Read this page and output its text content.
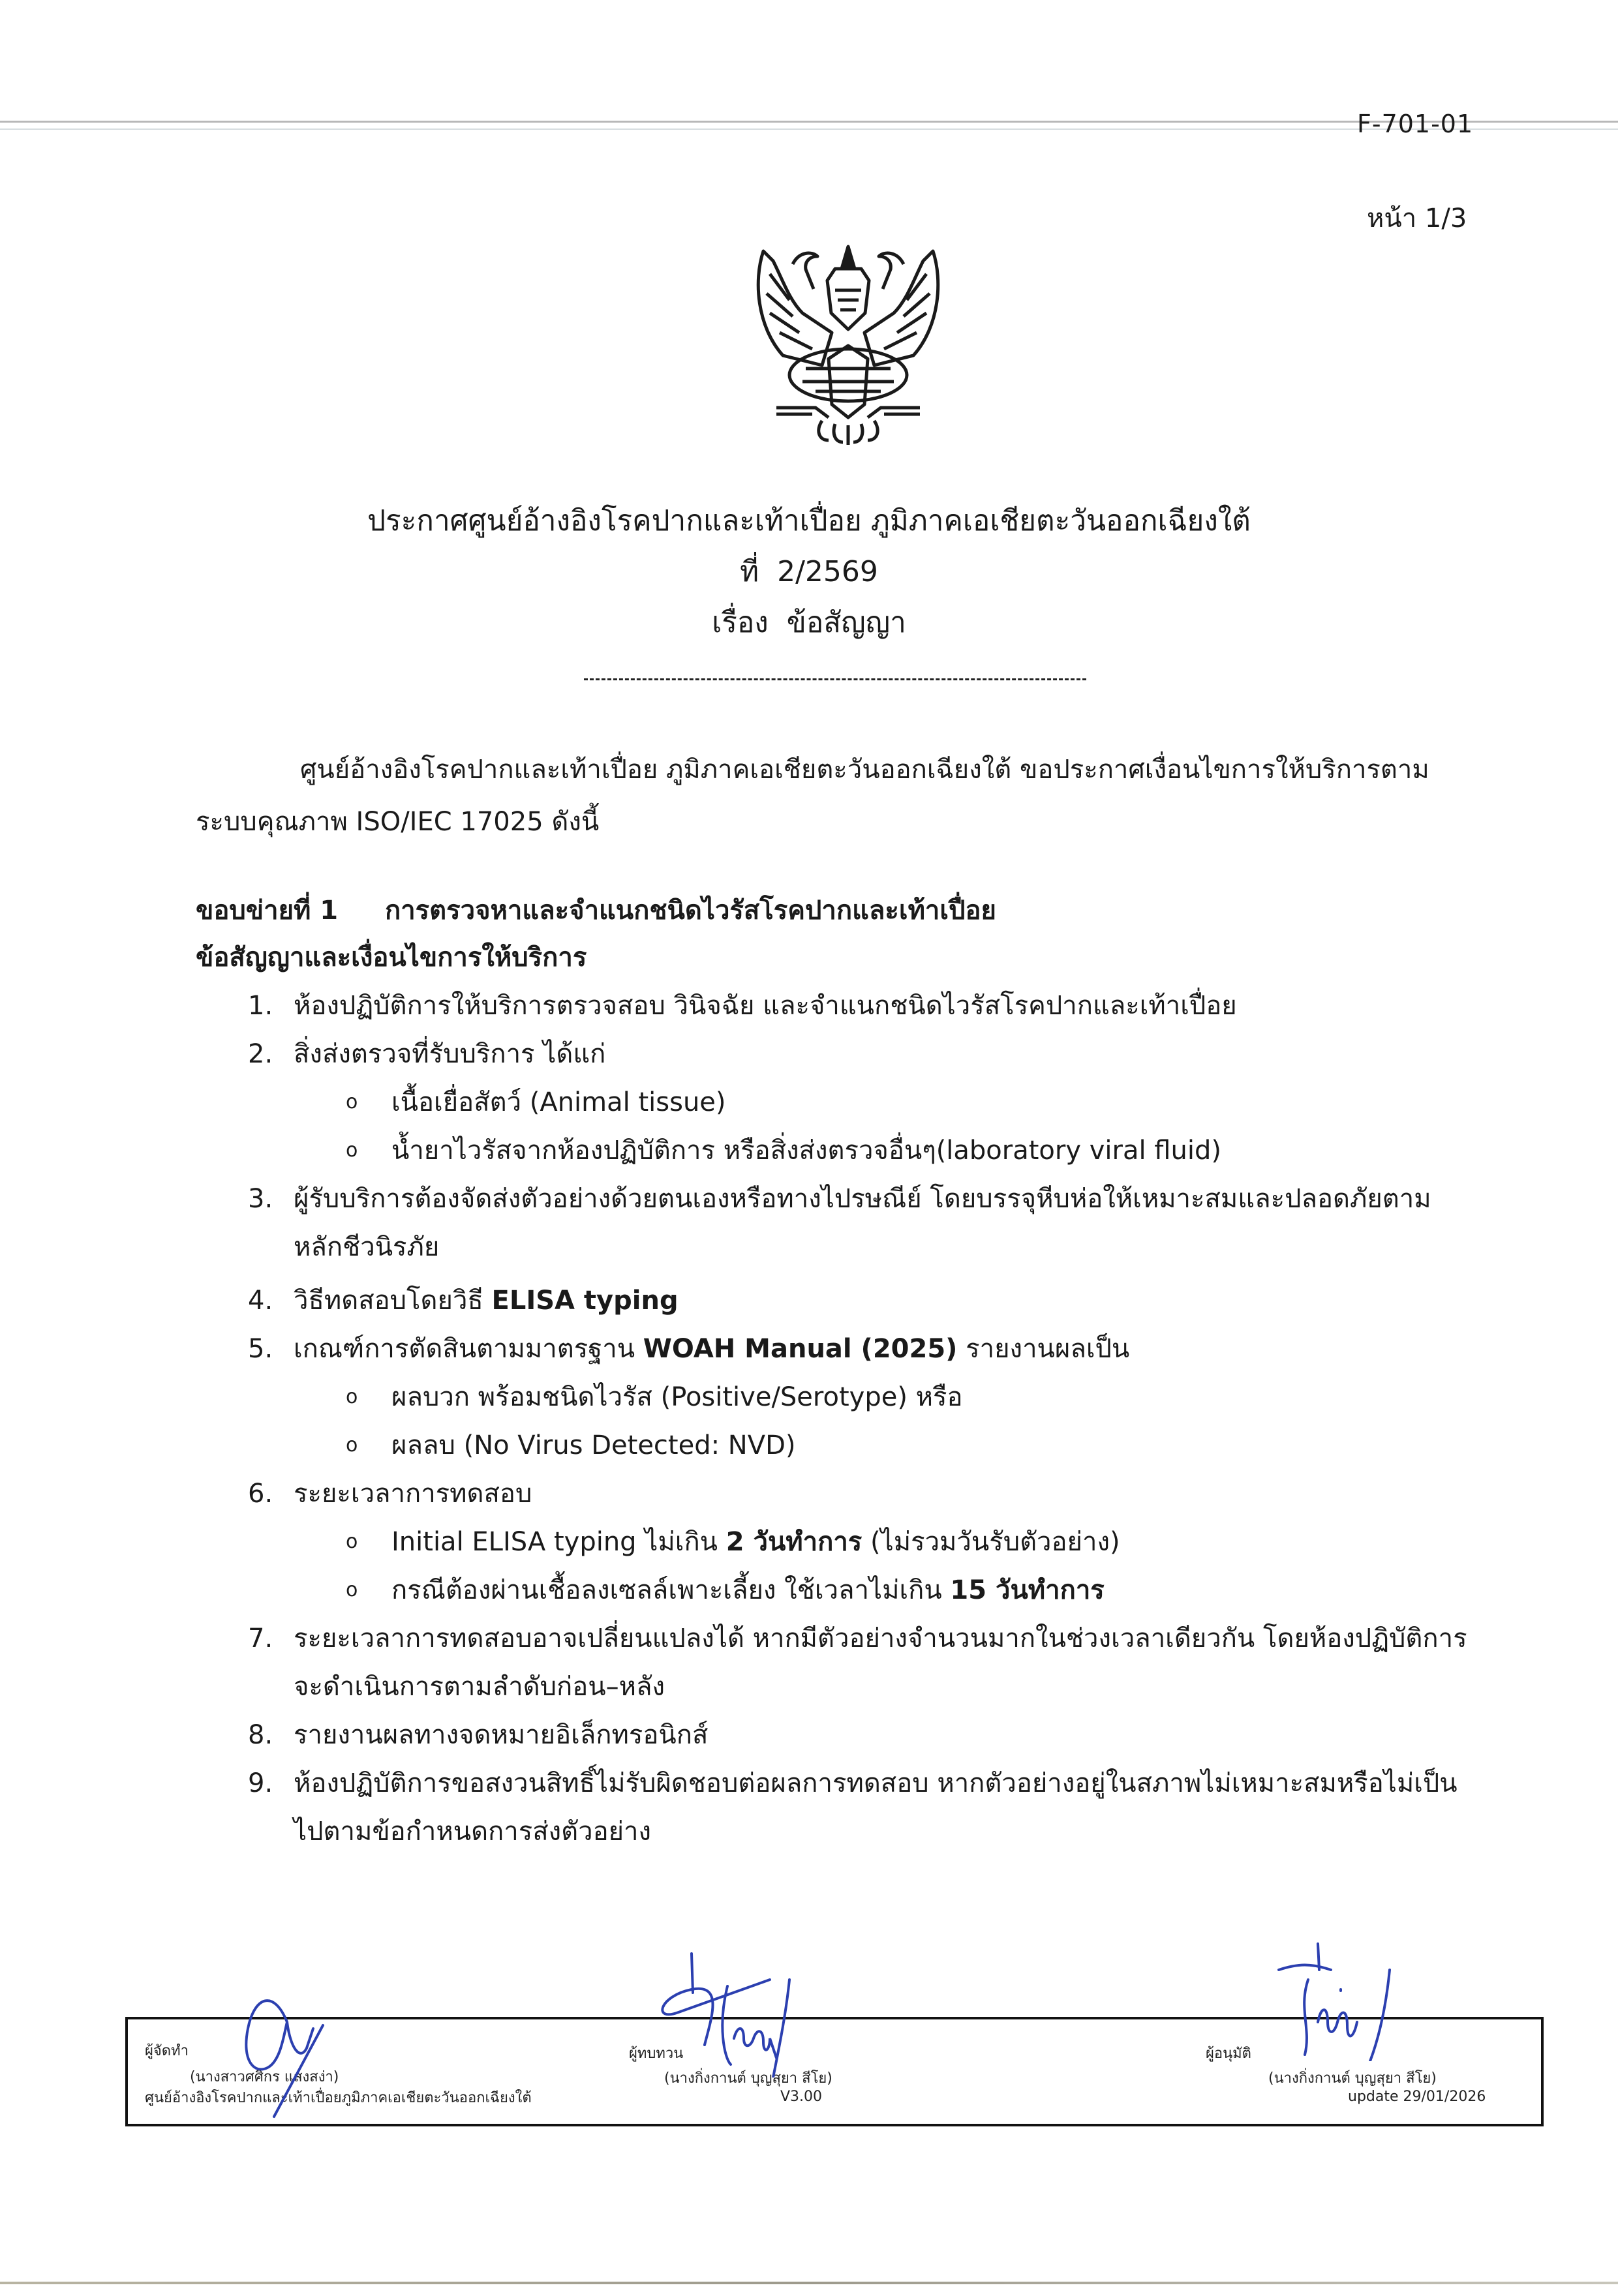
F-701-01
หน้า 1/3
ประกาศศูนย์อ้างอิงโรคปากและเท้าเปื่อย ภูมิภาคเอเชียตะวันออกเฉียงใต้
ที่  2/2569
เรื่อง  ข้อสัญญา
ศูนย์อ้างอิงโรคปากและเท้าเปื่อย ภูมิภาคเอเชียตะวันออกเฉียงใต้ ขอประกาศเงื่อนไขการให้บริการตามระบบคุณภาพ ISO/IEC 17025 ดังนี้
ขอบข่ายที่ 1 การตรวจหาและจำแนกชนิดไวรัสโรคปากและเท้าเปื่อย
ข้อสัญญาและเงื่อนไขการให้บริการ
1. ห้องปฏิบัติการให้บริการตรวจสอบ วินิจฉัย และจำแนกชนิดไวรัสโรคปากและเท้าเปื่อย
2. สิ่งส่งตรวจที่รับบริการ ได้แก่
o เนื้อเยื่อสัตว์ (Animal tissue)
o น้ำยาไวรัสจากห้องปฏิบัติการ หรือสิ่งส่งตรวจอื่นๆ(laboratory viral fluid)
3. ผู้รับบริการต้องจัดส่งตัวอย่างด้วยตนเองหรือทางไปรษณีย์ โดยบรรจุหีบห่อให้เหมาะสมและปลอดภัยตามหลักชีวนิรภัย
4. วิธีทดสอบโดยวิธี ELISA typing
5. เกณฑ์การตัดสินตามมาตรฐาน WOAH Manual (2025) รายงานผลเป็น
o ผลบวก พร้อมชนิดไวรัส (Positive/Serotype) หรือ
o ผลลบ (No Virus Detected: NVD)
6. ระยะเวลาการทดสอบ
o Initial ELISA typing ไม่เกิน 2 วันทำการ (ไม่รวมวันรับตัวอย่าง)
o กรณีต้องผ่านเชื้อลงเซลล์เพาะเลี้ยง ใช้เวลาไม่เกิน 15 วันทำการ
7. ระยะเวลาการทดสอบอาจเปลี่ยนแปลงได้ หากมีตัวอย่างจำนวนมากในช่วงเวลาเดียวกัน โดยห้องปฏิบัติการจะดำเนินการตามลำดับก่อน–หลัง
8. รายงานผลทางจดหมายอิเล็กทรอนิกส์
9. ห้องปฏิบัติการขอสงวนสิทธิ์ไม่รับผิดชอบต่อผลการทดสอบ หากตัวอย่างอยู่ในสภาพไม่เหมาะสมหรือไม่เป็นไปตามข้อกำหนดการส่งตัวอย่าง
ผู้จัดทำ
(นางสาวศศิกร แสงสง่า)
ศูนย์อ้างอิงโรคปากและเท้าเปื่อยภูมิภาคเอเชียตะวันออกเฉียงใต้
ผู้ทบทวน
(นางกิ่งกานต์ บุญสุยา สีโย)
V3.00
ผู้อนุมัติ
(นางกิ่งกานต์ บุญสุยา สีโย)
update 29/01/2026
